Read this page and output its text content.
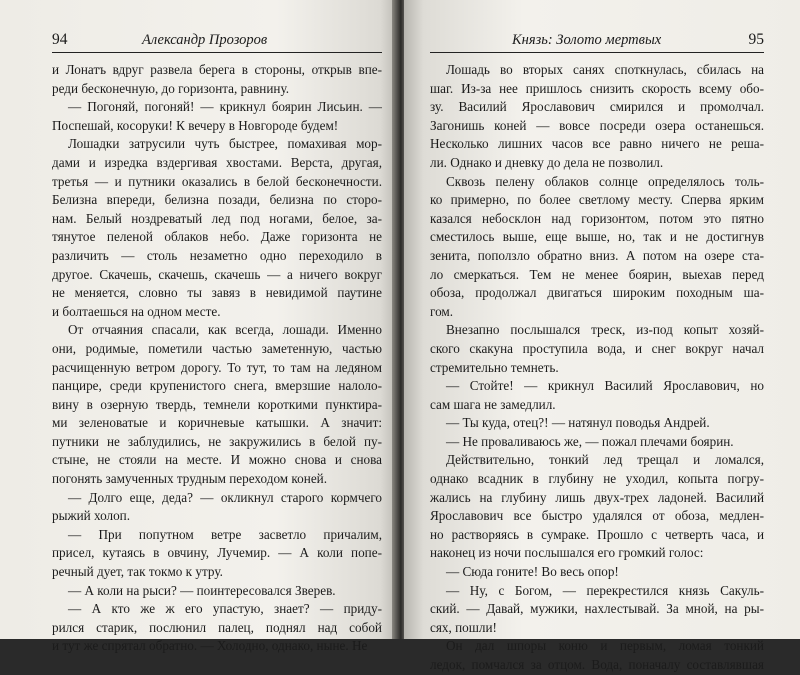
94	Александр Прозоров
и Лонатъ вдруг развела берега в стороны, открыв впе-
реди бесконечную, до горизонта, равнину.
— Погоняй, погоняй! — крикнул боярин Лисьин. —
Поспешай, косоруки! К вечеру в Новгороде будем!
Лошадки затрусили чуть быстрее, помахивая мор-
дами и изредка вздергивая хвостами. Верста, другая,
третья — и путники оказались в белой бесконечности.
Белизна впереди, белизна позади, белизна по сторо-
нам. Белый ноздреватый лед под ногами, белое, за-
тянутое пеленой облаков небо. Даже горизонта не
различить — столь незаметно одно переходило в
другое. Скачешь, скачешь, скачешь — а ничего вокруг
не меняется, словно ты завяз в невидимой паутине
и болтаешься на одном месте.
От отчаяния спасали, как всегда, лошади. Именно
они, родимые, пометили частью заметенную, частью
расчищенную ветром дорогу. То тут, то там на ледяном
панцире, среди крупенистого снега, вмерзшие налоло-
вину в озерную твердь, темнели короткими пунктира-
ми зеленоватые и коричневые катышки. А значит:
путники не заблудились, не закружились в белой пу-
стыне, не стояли на месте. И можно снова и снова
погонять замученных трудным переходом коней.
— Долго еще, деда? — окликнул старого кормчего
рыжий холоп.
— При попутном ветре засветло причалим,
присел, кутаясь в овчину, Лучемир. — А коли попе-
речный дует, так токмо к утру.
— А коли на рыси? — поинтересовался Зверев.
— А кто же ж его упастую, знает? — приду-
рился старик, послюнил палец, поднял над собой
и тут же спрятал обратно. — Холодно, однако, ныне. Не
Князь: Золото мертвых	95
Лошадь во вторых санях споткнулась, сбилась на
шаг. Из-за нее пришлось снизить скорость всему обо-
зу. Василий Ярославович смирился и промолчал.
Загонишь коней — вовсе посреди озера останешься.
Несколько лишних часов все равно ничего не реша-
ли. Однако и дневку до дела не позволил.
Сквозь пелену облаков солнце определялось толь-
ко примерно, по более светлому месту. Сперва ярким
казался небосклон над горизонтом, потом это пятно
сместилось выше, еще выше, но, так и не достигнув
зенита, поползло обратно вниз. А потом на озере ста-
ло смеркаться. Тем не менее боярин, выехав перед
обоза, продолжал двигаться широким походным ша-
гом.
Внезапно послышался треск, из-под копыт хозяй-
ского скакуна проступила вода, и снег вокруг начал
стремительно темнеть.
— Стойте! — крикнул Василий Ярославович, но
сам шага не замедлил.
— Ты куда, отец?! — натянул поводья Андрей.
— Не проваливаюсь же, — пожал плечами боярин.
Действительно, тонкий лед трещал и ломался,
однако всадник в глубину не уходил, копыта погру-
жались на глубину лишь двух-трех ладоней. Василий
Ярославович все быстро удалялся от обоза, медлен-
но растворяясь в сумраке. Прошло с четверть часа, и
наконец из ночи послышался его громкий голос:
— Сюда гоните! Во весь опор!
— Ну, с Богом, — перекрестился князь Сакуль-
ский. — Давай, мужики, нахлестывай. За мной, на ры-
сях, пошли!
Он дал шпоры коню и первым, ломая тонкий
ледок, помчался за отцом. Вода, поначалу составлявшая
